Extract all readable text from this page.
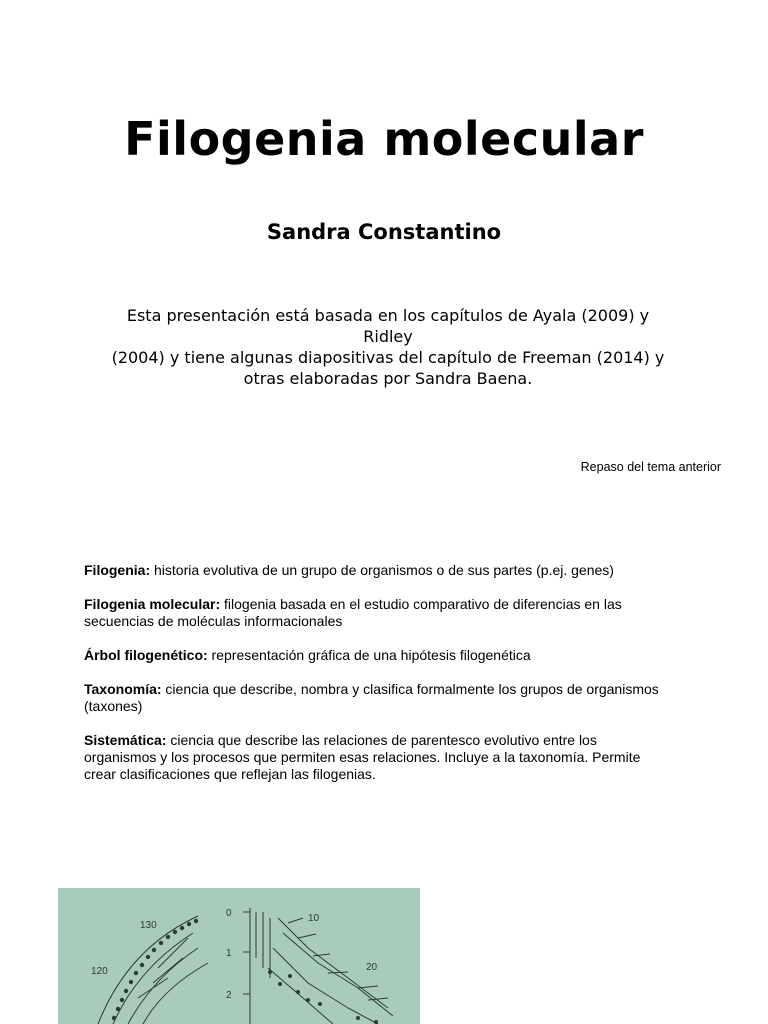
Filogenia molecular
Sandra Constantino
Esta presentación está basada en los capítulos de Ayala (2009) y Ridley
(2004) y tiene algunas diapositivas del capítulo de Freeman (2014) y
otras elaboradas por Sandra Baena.
Repaso del tema anterior

Filogenia: historia evolutiva de un grupo de organismos o de sus partes (p.ej. genes)

Filogenia molecular: filogenia basada en el estudio comparativo de diferencias en las secuencias de moléculas informacionales

Árbol filogenético: representación gráfica de una hipótesis filogenética

Taxonomía: ciencia que describe, nombra y clasifica formalmente los grupos de organismos (taxones)

Sistemática: ciencia que describe las relaciones de parentesco evolutivo entre los organismos y los procesos que permiten esas relaciones. Incluye a la taxonomía. Permite crear clasificaciones que reflejan las filogenias.

130
120
0
1
2
10
20
